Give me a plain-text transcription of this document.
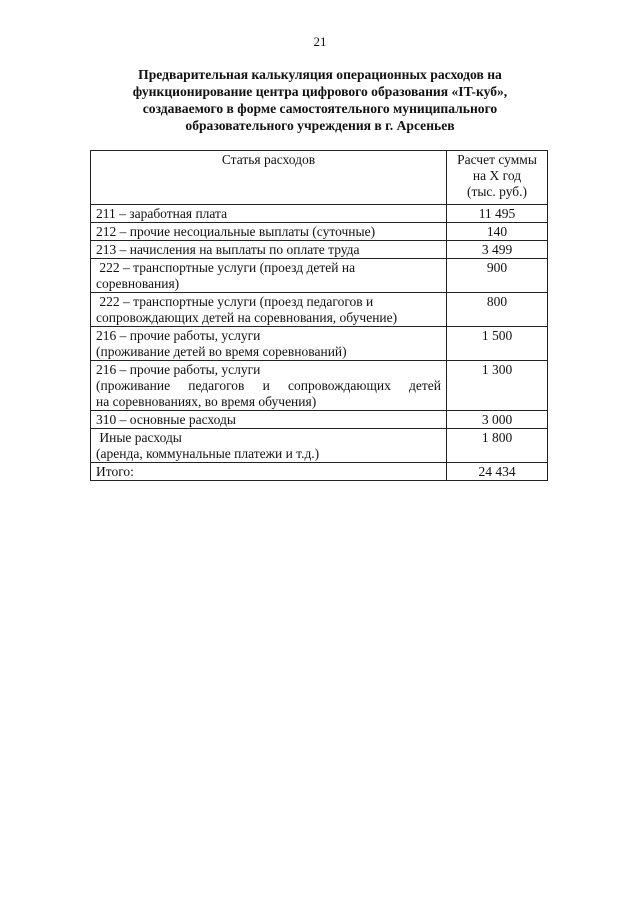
21
Предварительная калькуляция операционных расходов на
функционирование центра цифрового образования «IT-куб»,
создаваемого в форме самостоятельного муниципального
образовательного учреждения в г. Арсеньев
Статья расходов	Расчет суммы
на Х год
(тыс. руб.)

211 – заработная плата	11 495

212 – прочие несоциальные выплаты (суточные)	140

213 – начисления на выплаты по оплате труда	3 499

222 – транспортные услуги (проезд детей на
соревнования)	900

222 – транспортные услуги (проезд педагогов и
сопровождающих детей на соревнования, обучение)	800

216 – прочие работы, услуги
(проживание детей во время соревнований)	1 500

216 – прочие работы, услуги
(проживание педагогов и сопровождающих детей
на соревнованиях, во время обучения)	1 300

310 – основные расходы	3 000

Иные расходы
(аренда, коммунальные платежи и т.д.)	1 800

Итого:	24 434
